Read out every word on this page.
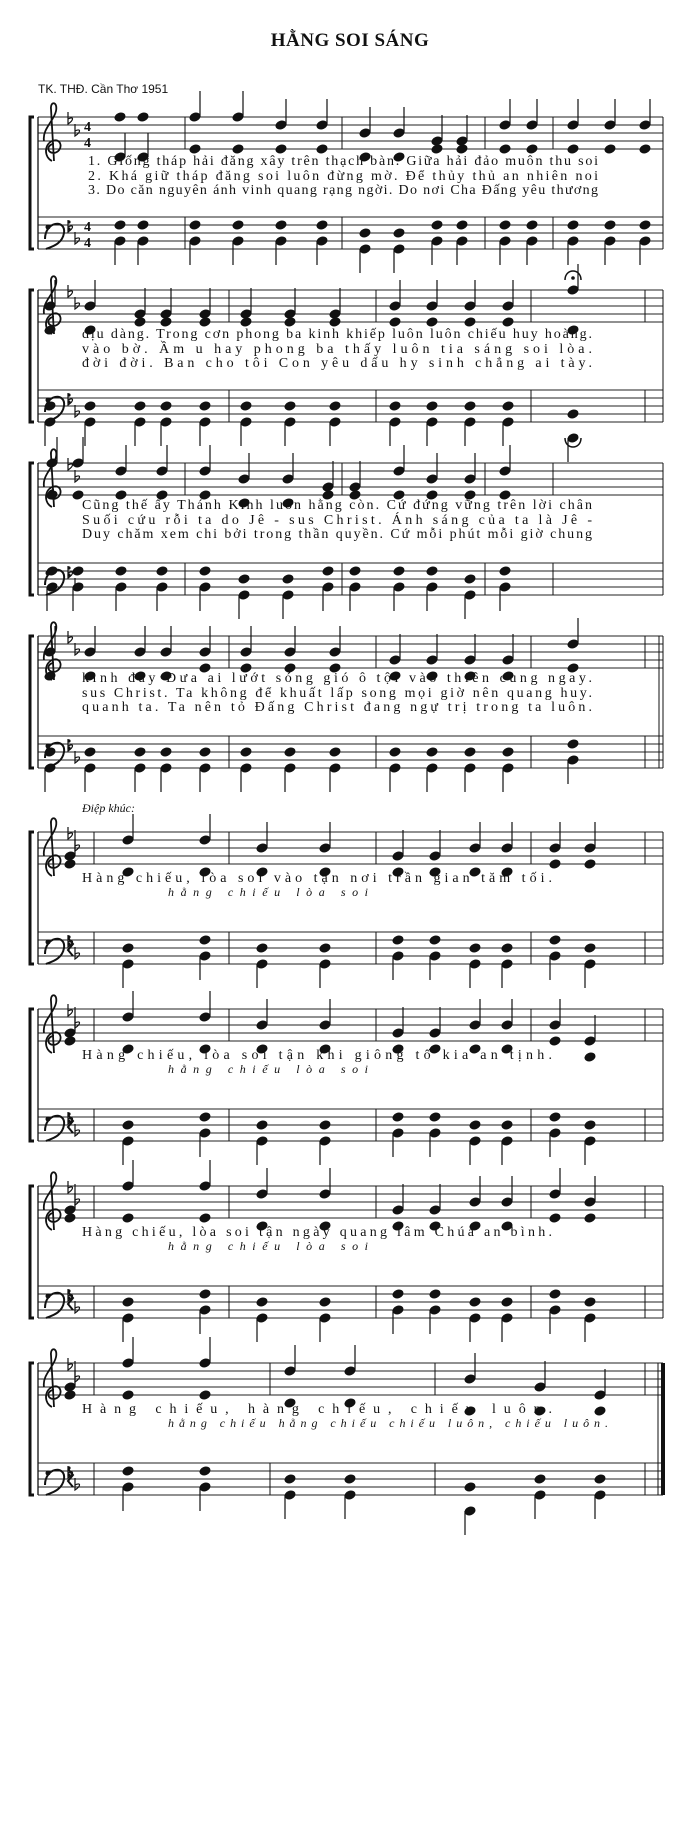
HẰNG SOI SÁNG
TK. THĐ. Cần Thơ 1951
4
4
4
4
1. Giống tháp hải đăng xây trên thạch bàn. Giữa hải đảo muôn thu soi
2. Khá giữ tháp đăng soi luôn đừng mờ. Để thủy thủ an nhiên noi
3. Do căn nguyên ánh vinh quang rạng ngời. Do nơi Cha Đấng yêu thương
dịu dàng. Trong cơn phong ba kinh khiếp luôn luôn chiếu huy hoàng.
vào bờ. Ầm u hay phong ba thấy luôn tia sáng soi lòa.
đời đời. Ban cho tôi Con yêu dấu hy sinh chẳng ai tày.
Cũng thế ấy Thánh Kinh luôn hằng còn. Cứ đứng vững trên lời chân
Suối cứu rỗi ta do Jê - sus Christ. Ánh sáng của ta là Jê -
Duy chăm xem chi bởi trong thần quyền. Cứ mỗi phút mỗi giờ chung
kinh đây Đưa ai lướt sóng gió ô tội vào thiên cung ngay.
sus Christ. Ta không để khuất lấp song mọi giờ nên quang huy.
quanh ta. Ta nên tỏ Đấng Christ đang ngự trị trong ta luôn.
Hàng chiếu, lòa soi vào tận nơi trần gian tăm tối.
hằng chiếu lòa soi
Điệp khúc:
Hàng chiếu, lòa soi tận khi giông tố kia an tịnh.
hằng chiếu lòa soi
Hàng chiếu, lòa soi tận ngày quang lâm Chúa an bình.
hằng chiếu lòa soi
Hàng chiếu, hàng chiếu, chiếu luôn.
hằng chiếu hằng chiếu chiếu luôn, chiếu luôn.
